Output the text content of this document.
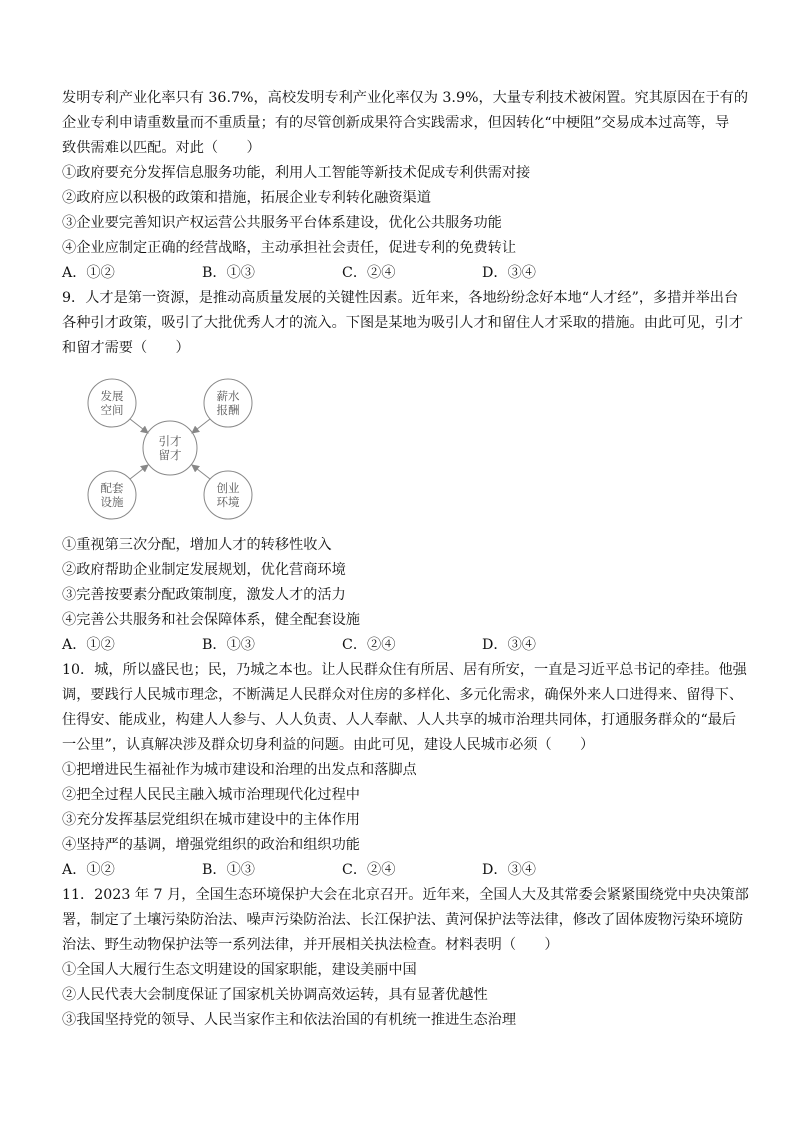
发明专利产业化率只有 36.7%，高校发明专利产业化率仅为 3.9%，大量专利技术被闲置。究其原因在于有的

企业专利申请重数量而不重质量；有的尽管创新成果符合实践需求，但因转化“中梗阻”交易成本过高等，导

致供需难以匹配。对此（　　）

①政府要充分发挥信息服务功能，利用人工智能等新技术促成专利供需对接

②政府应以积极的政策和措施，拓展企业专利转化融资渠道

③企业要完善知识产权运营公共服务平台体系建设，优化公共服务功能

④企业应制定正确的经营战略，主动承担社会责任，促进专利的免费转让

A．①②	B．①③	C．②④	D．③④

9．人才是第一资源，是推动高质量发展的关键性因素。近年来，各地纷纷念好本地“人才经”，多措并举出台

各种引才政策，吸引了大批优秀人才的流入。下图是某地为吸引人才和留住人才采取的措施。由此可见，引才

和留才需要（　　）

发展
空间
薪水
报酬
引才
留才
配套
设施
创业
环境

①重视第三次分配，增加人才的转移性收入

②政府帮助企业制定发展规划，优化营商环境

③完善按要素分配政策制度，激发人才的活力

④完善公共服务和社会保障体系，健全配套设施

A．①②	B．①③	C．②④	D．③④

10．城，所以盛民也；民，乃城之本也。让人民群众住有所居、居有所安，一直是习近平总书记的牵挂。他强

调，要践行人民城市理念，不断满足人民群众对住房的多样化、多元化需求，确保外来人口进得来、留得下、

住得安、能成业，构建人人参与、人人负责、人人奉献、人人共享的城市治理共同体，打通服务群众的“最后

一公里”，认真解决涉及群众切身利益的问题。由此可见，建设人民城市必须（　　）

①把增进民生福祉作为城市建设和治理的出发点和落脚点

②把全过程人民民主融入城市治理现代化过程中

③充分发挥基层党组织在城市建设中的主体作用

④坚持严的基调，增强党组织的政治和组织功能

A．①②	B．①③	C．②④	D．③④

11．2023 年 7 月，全国生态环境保护大会在北京召开。近年来，全国人大及其常委会紧紧围绕党中央决策部

署，制定了土壤污染防治法、噪声污染防治法、长江保护法、黄河保护法等法律，修改了固体废物污染环境防

治法、野生动物保护法等一系列法律，并开展相关执法检查。材料表明（　　）

①全国人大履行生态文明建设的国家职能，建设美丽中国

②人民代表大会制度保证了国家机关协调高效运转，具有显著优越性

③我国坚持党的领导、人民当家作主和依法治国的有机统一推进生态治理
